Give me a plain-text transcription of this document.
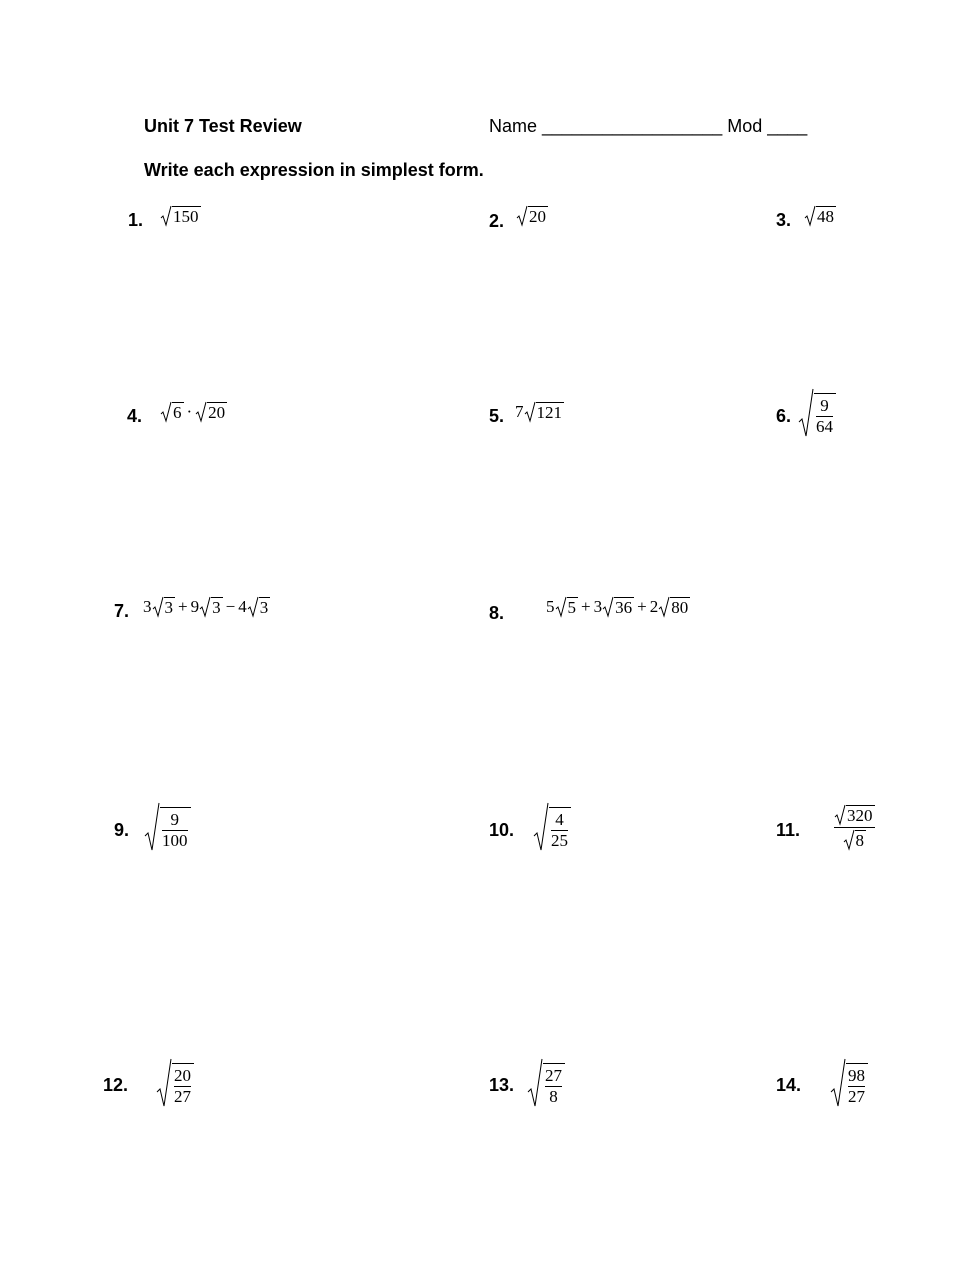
Unit 7 Test Review	Name __________________ Mod ____
Write each expression in simplest form.
1. 150	2. 20	3. 48
4. 6 · 20	5. 7 121	6. $\frac{9}{64}$
7. 3 3 + 9 3 − 4 3	8. 5 5 + 3 36 + 2 80
9. $\frac{9}{100}$	10. $\frac{4}{25}$	11. $\frac{320}{8}$
12.	$\frac{20}{27}$	13. $\frac{27}{8}$	14.	$\frac{98}{27}$
